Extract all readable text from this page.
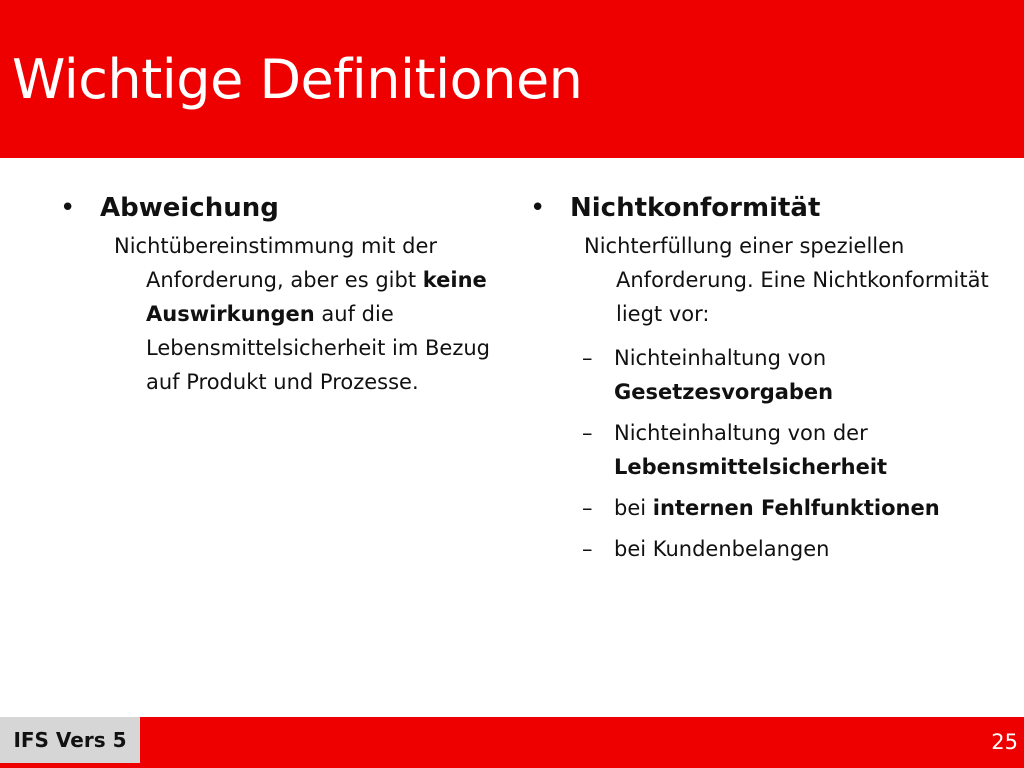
Wichtige Definitionen
• Abweichung
Nichtübereinstimmung mit der Anforderung, aber es gibt keine Auswirkungen auf die Lebensmittelsicherheit im Bezug auf Produkt und Prozesse.
• Nichtkonformität
Nichterfüllung einer speziellen Anforderung. Eine Nichtkonformität liegt vor:
– Nichteinhaltung von Gesetzesvorgaben
– Nichteinhaltung von der Lebensmittelsicherheit
– bei internen Fehlfunktionen
– bei Kundenbelangen
IFS Vers 5	25
